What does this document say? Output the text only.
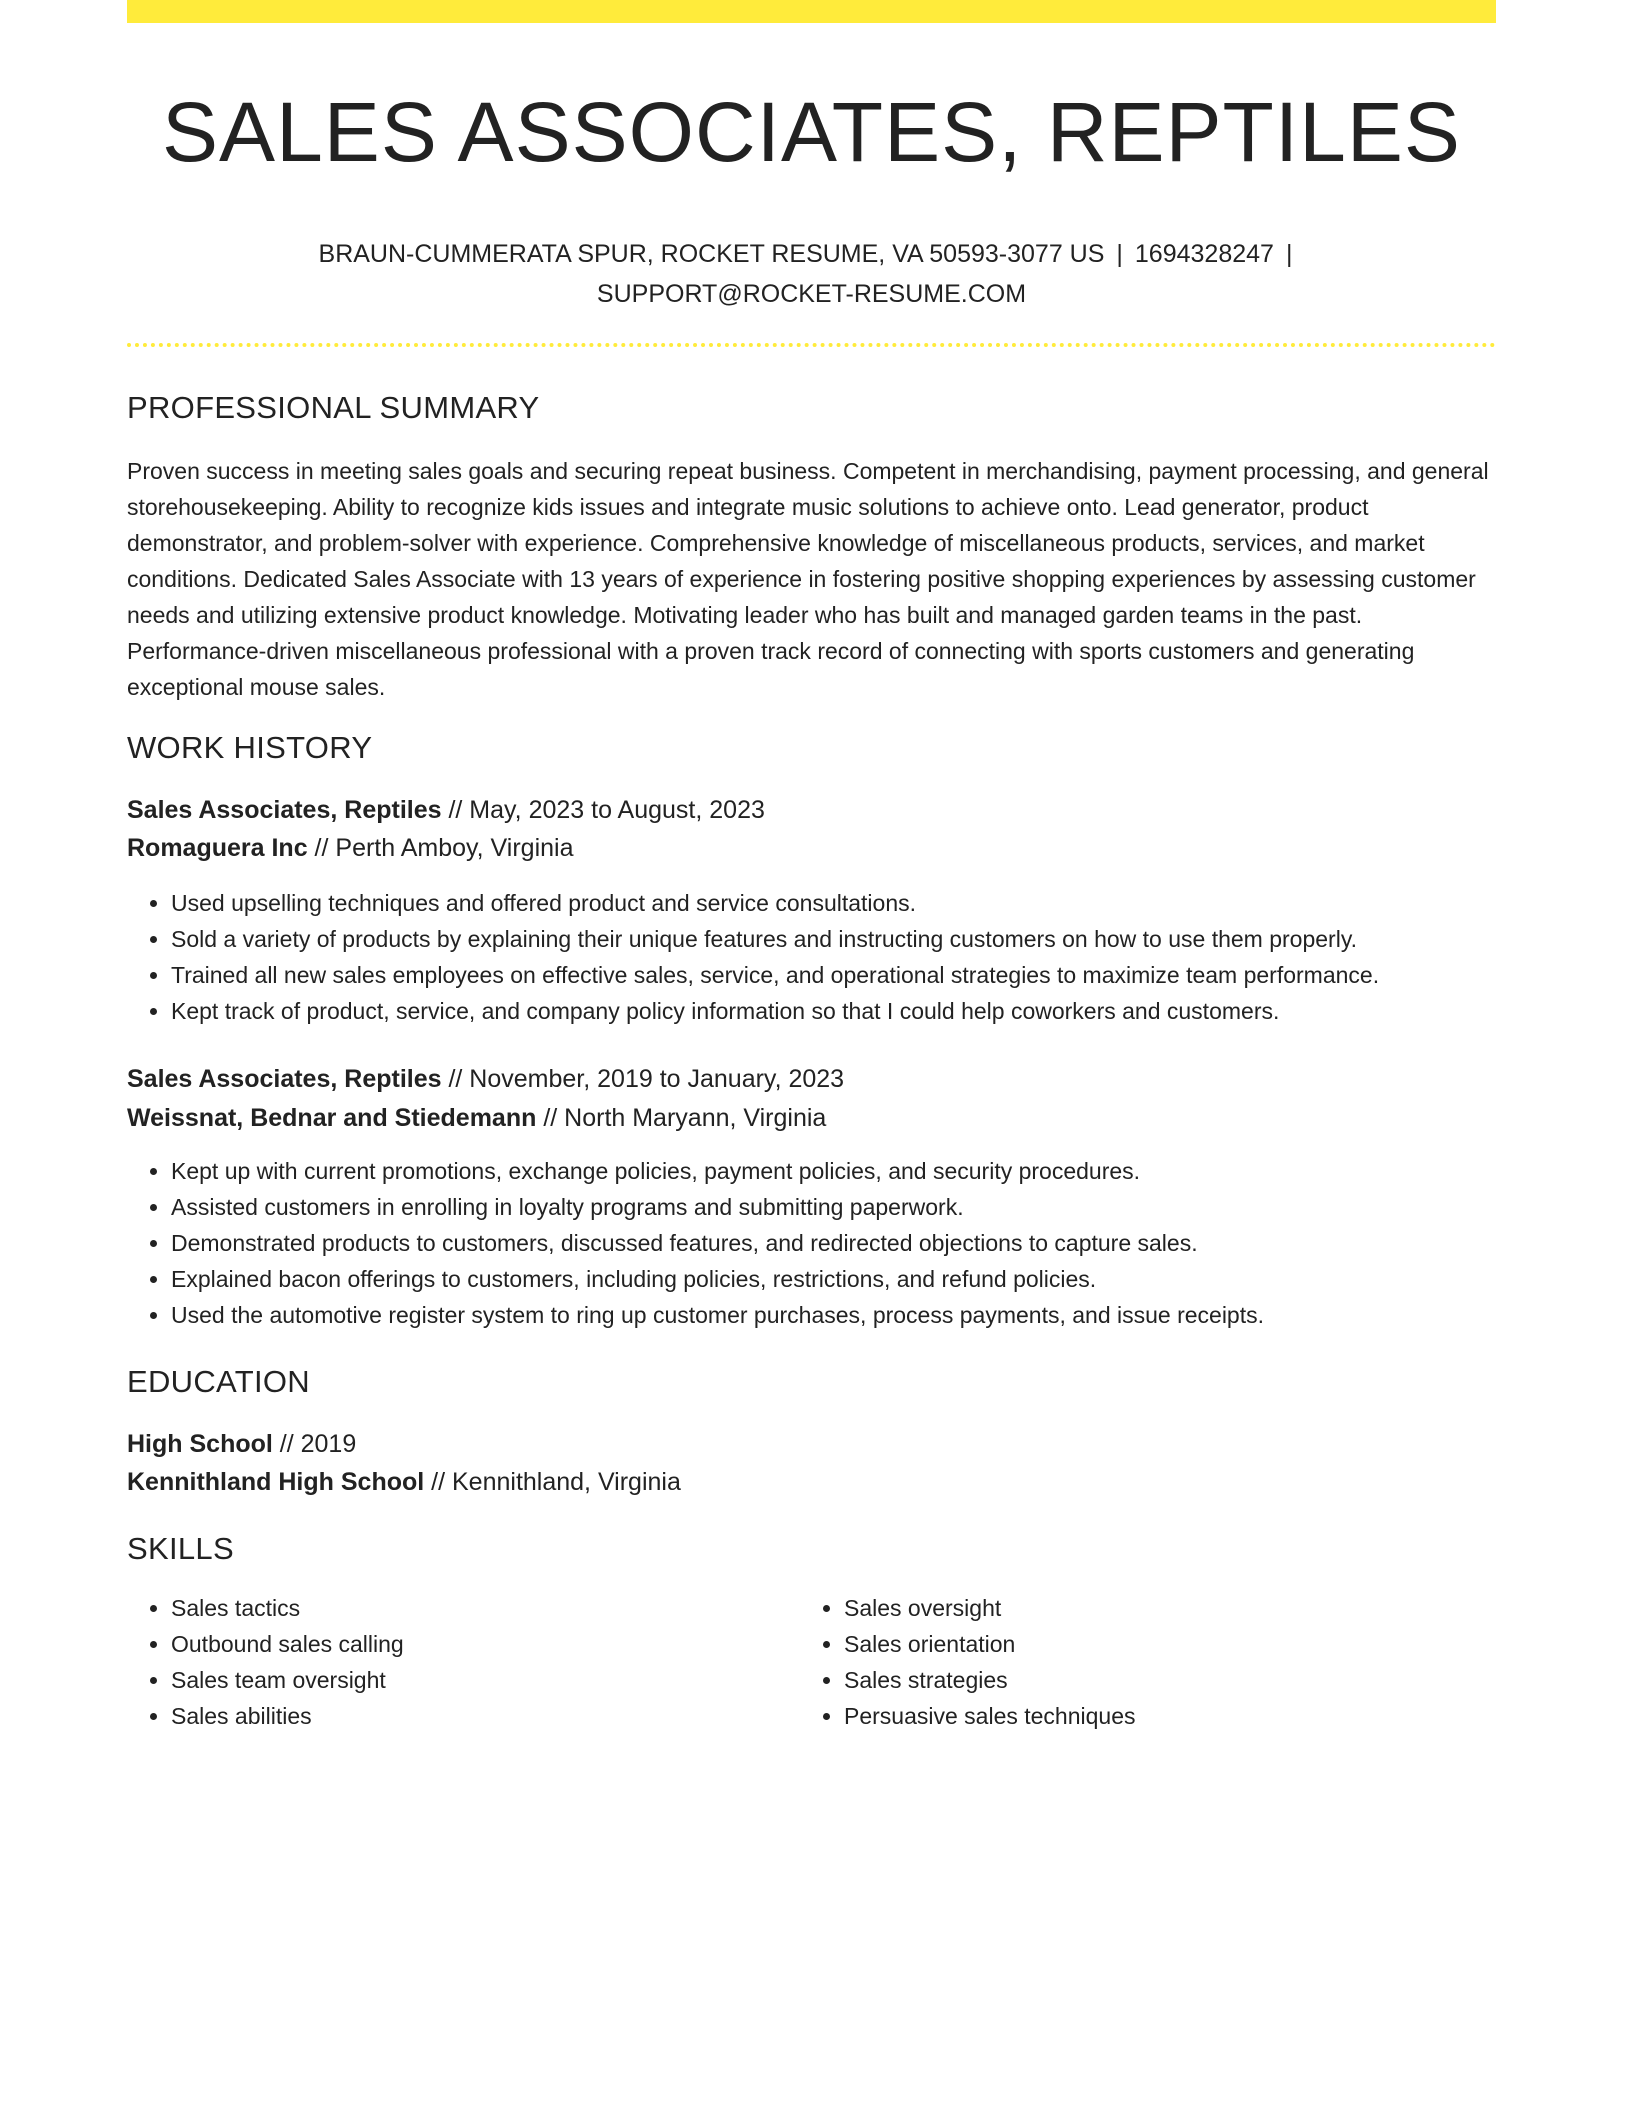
SALES ASSOCIATES, REPTILES
BRAUN-CUMMERATA SPUR, ROCKET RESUME, VA 50593-3077 US | 1694328247 |
SUPPORT@ROCKET-RESUME.COM
PROFESSIONAL SUMMARY

Proven success in meeting sales goals and securing repeat business. Competent in merchandising, payment processing, and general storehousekeeping. Ability to recognize kids issues and integrate music solutions to achieve onto. Lead generator, product demonstrator, and problem-solver with experience. Comprehensive knowledge of miscellaneous products, services, and market conditions. Dedicated Sales Associate with 13 years of experience in fostering positive shopping experiences by assessing customer needs and utilizing extensive product knowledge. Motivating leader who has built and managed garden teams in the past. Performance-driven miscellaneous professional with a proven track record of connecting with sports customers and generating exceptional mouse sales.

WORK HISTORY
Sales Associates, Reptiles // May, 2023 to August, 2023
Romaguera Inc // Perth Amboy, Virginia
• Used upselling techniques and offered product and service consultations.
• Sold a variety of products by explaining their unique features and instructing customers on how to use them properly.
• Trained all new sales employees on effective sales, service, and operational strategies to maximize team performance.
• Kept track of product, service, and company policy information so that I could help coworkers and customers.
Sales Associates, Reptiles // November, 2019 to January, 2023
Weissnat, Bednar and Stiedemann // North Maryann, Virginia
• Kept up with current promotions, exchange policies, payment policies, and security procedures.
• Assisted customers in enrolling in loyalty programs and submitting paperwork.
• Demonstrated products to customers, discussed features, and redirected objections to capture sales.
• Explained bacon offerings to customers, including policies, restrictions, and refund policies.
• Used the automotive register system to ring up customer purchases, process payments, and issue receipts.
EDUCATION
High School // 2019
Kennithland High School // Kennithland, Virginia
SKILLS
• Sales tactics
• Outbound sales calling
• Sales team oversight
• Sales abilities
• Sales oversight
• Sales orientation
• Sales strategies
• Persuasive sales techniques
